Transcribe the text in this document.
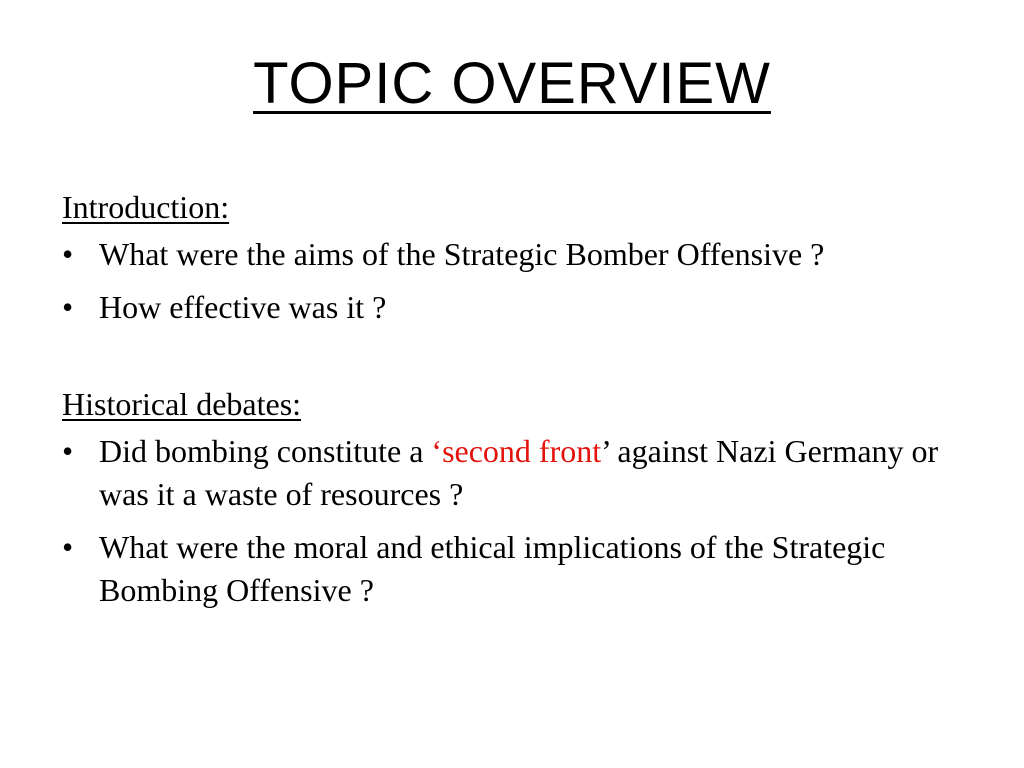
TOPIC OVERVIEW
Introduction:
• What were the aims of the Strategic Bomber Offensive ?
• How effective was it ?
Historical debates:
• Did bombing constitute a ‘second front’ against Nazi Germany or was it a waste of resources ?
• What were the moral and ethical implications of the Strategic Bombing Offensive ?
